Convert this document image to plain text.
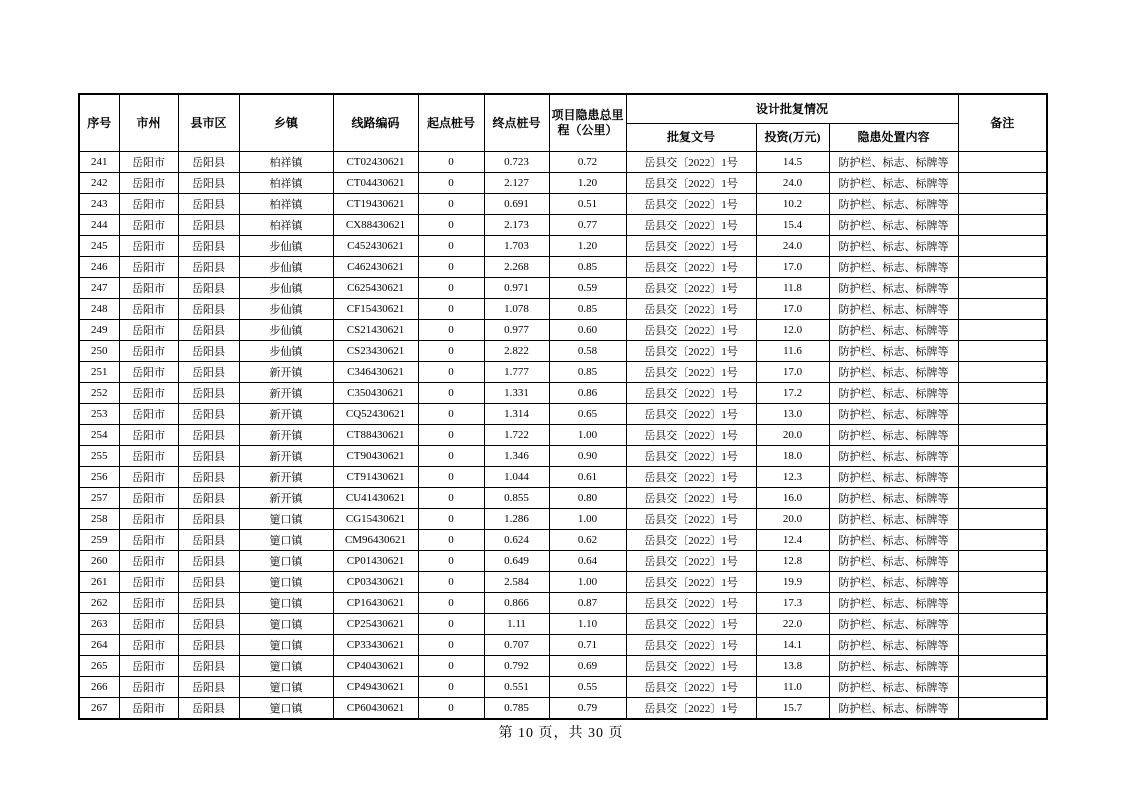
序号	市州	县市区	乡镇	线路编码	起点桩号	终点桩号	项目隐患总里程（公里）	设计批复情况			备注
								批复文号	投资(万元)	隐患处置内容	
241	岳阳市	岳阳县	柏祥镇	CT02430621	0	0.723	0.72	岳县交〔2022〕1号	14.5	防护栏、标志、标牌等	
242	岳阳市	岳阳县	柏祥镇	CT04430621	0	2.127	1.20	岳县交〔2022〕1号	24.0	防护栏、标志、标牌等	
243	岳阳市	岳阳县	柏祥镇	CT19430621	0	0.691	0.51	岳县交〔2022〕1号	10.2	防护栏、标志、标牌等	
244	岳阳市	岳阳县	柏祥镇	CX88430621	0	2.173	0.77	岳县交〔2022〕1号	15.4	防护栏、标志、标牌等	
245	岳阳市	岳阳县	步仙镇	C452430621	0	1.703	1.20	岳县交〔2022〕1号	24.0	防护栏、标志、标牌等	
246	岳阳市	岳阳县	步仙镇	C462430621	0	2.268	0.85	岳县交〔2022〕1号	17.0	防护栏、标志、标牌等	
247	岳阳市	岳阳县	步仙镇	C625430621	0	0.971	0.59	岳县交〔2022〕1号	11.8	防护栏、标志、标牌等	
248	岳阳市	岳阳县	步仙镇	CF15430621	0	1.078	0.85	岳县交〔2022〕1号	17.0	防护栏、标志、标牌等	
249	岳阳市	岳阳县	步仙镇	CS21430621	0	0.977	0.60	岳县交〔2022〕1号	12.0	防护栏、标志、标牌等	
250	岳阳市	岳阳县	步仙镇	CS23430621	0	2.822	0.58	岳县交〔2022〕1号	11.6	防护栏、标志、标牌等	
251	岳阳市	岳阳县	新开镇	C346430621	0	1.777	0.85	岳县交〔2022〕1号	17.0	防护栏、标志、标牌等	
252	岳阳市	岳阳县	新开镇	C350430621	0	1.331	0.86	岳县交〔2022〕1号	17.2	防护栏、标志、标牌等	
253	岳阳市	岳阳县	新开镇	CQ52430621	0	1.314	0.65	岳县交〔2022〕1号	13.0	防护栏、标志、标牌等	
254	岳阳市	岳阳县	新开镇	CT88430621	0	1.722	1.00	岳县交〔2022〕1号	20.0	防护栏、标志、标牌等	
255	岳阳市	岳阳县	新开镇	CT90430621	0	1.346	0.90	岳县交〔2022〕1号	18.0	防护栏、标志、标牌等	
256	岳阳市	岳阳县	新开镇	CT91430621	0	1.044	0.61	岳县交〔2022〕1号	12.3	防护栏、标志、标牌等	
257	岳阳市	岳阳县	新开镇	CU41430621	0	0.855	0.80	岳县交〔2022〕1号	16.0	防护栏、标志、标牌等	
258	岳阳市	岳阳县	筻口镇	CG15430621	0	1.286	1.00	岳县交〔2022〕1号	20.0	防护栏、标志、标牌等	
259	岳阳市	岳阳县	筻口镇	CM96430621	0	0.624	0.62	岳县交〔2022〕1号	12.4	防护栏、标志、标牌等	
260	岳阳市	岳阳县	筻口镇	CP01430621	0	0.649	0.64	岳县交〔2022〕1号	12.8	防护栏、标志、标牌等	
261	岳阳市	岳阳县	筻口镇	CP03430621	0	2.584	1.00	岳县交〔2022〕1号	19.9	防护栏、标志、标牌等	
262	岳阳市	岳阳县	筻口镇	CP16430621	0	0.866	0.87	岳县交〔2022〕1号	17.3	防护栏、标志、标牌等	
263	岳阳市	岳阳县	筻口镇	CP25430621	0	1.11	1.10	岳县交〔2022〕1号	22.0	防护栏、标志、标牌等	
264	岳阳市	岳阳县	筻口镇	CP33430621	0	0.707	0.71	岳县交〔2022〕1号	14.1	防护栏、标志、标牌等	
265	岳阳市	岳阳县	筻口镇	CP40430621	0	0.792	0.69	岳县交〔2022〕1号	13.8	防护栏、标志、标牌等	
266	岳阳市	岳阳县	筻口镇	CP49430621	0	0.551	0.55	岳县交〔2022〕1号	11.0	防护栏、标志、标牌等	
267	岳阳市	岳阳县	筻口镇	CP60430621	0	0.785	0.79	岳县交〔2022〕1号	15.7	防护栏、标志、标牌等	
第 10 页，共 30 页
